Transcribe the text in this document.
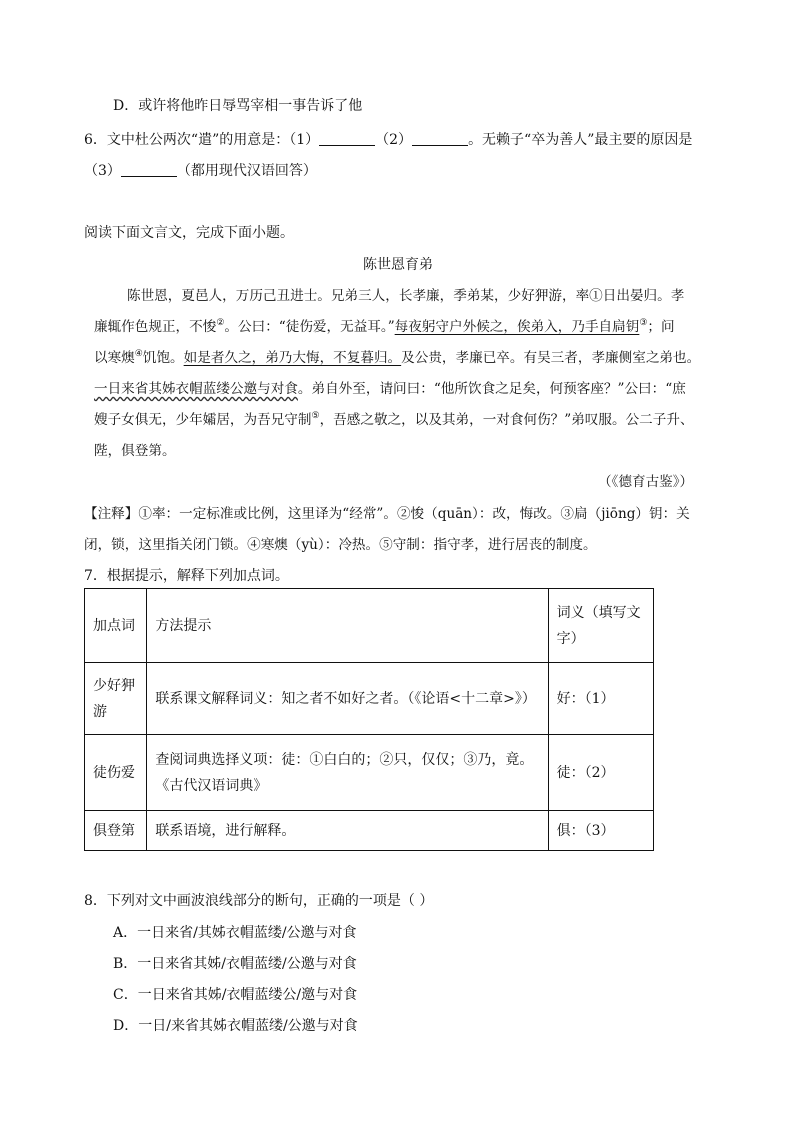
D．或许将他昨日辱骂宰相一事告诉了他
6．文中杜公两次“遣”的用意是：（1）	（2）	。无赖子“卒为善人”最主要的原因是
（3）	（都用现代汉语回答）
阅读下面文言文，完成下面小题。
陈世恩育弟
陈世恩，夏邑人，万历己丑进士。兄弟三人，长孝廉，季弟某，少好狎游，率①日出晏归。孝
廉辄作色规正，不悛②。公曰：“徒伤爱，无益耳。”每夜躬守户外候之，俟弟入，乃手自扃钥③；问
以寒燠④饥饱。如是者久之，弟乃大悔，不复暮归。及公贵，孝廉已卒。有吴三者，孝廉侧室之弟也。
一日来省其姊衣帽蓝缕公邀与对食。弟自外至，请问曰：“他所饮食之足矣，何预客座？”公曰：“庶
嫂子女俱无，少年孀居，为吾兄守制⑤，吾感之敬之，以及其弟，一对食何伤？”弟叹服。公二子升、
陛，俱登第。
（《德育古鉴》）
【注释】①率：一定标准或比例，这里译为“经常”。②悛（quān）：改，悔改。③扃（jiōng）钥：关
闭，锁，这里指关闭门锁。④寒燠（yù）：冷热。⑤守制：指守孝，进行居丧的制度。
7．根据提示，解释下列加点词。
加点词	方法提示	词义（填写文字）
少好狎游	联系课文解释词义：知之者不如好之者。（《论语<十二章>》）	好：（1）
徒伤爱	查阅词典选择义项：徒：①白白的；②只，仅仅；③乃，竟。《古代汉语词典》	徒：（2）
俱登第	联系语境，进行解释。	俱：（3）
8．下列对文中画波浪线部分的断句，正确的一项是（ ）
A．一日来省/其姊衣帽蓝缕/公邀与对食
B．一日来省其姊/衣帽蓝缕/公邀与对食
C．一日来省其姊/衣帽蓝缕公/邀与对食
D．一日/来省其姊衣帽蓝缕/公邀与对食
